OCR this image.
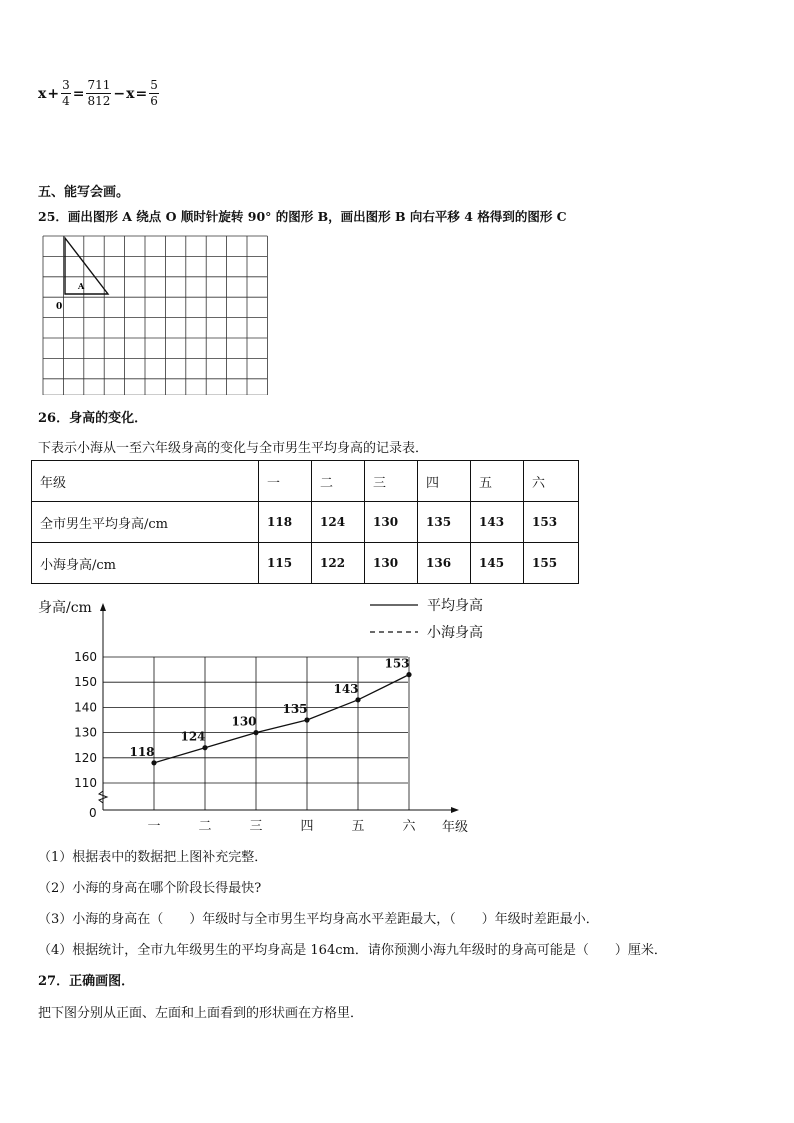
$x + \frac{3}{4} = \frac{711}{812} - x = \frac{5}{6}$
五、能写会画。
25．画出图形 A 绕点 O 顺时针旋转 90° 的图形 B，画出图形 B 向右平移 4 格得到的图形 C
A
0
26．身高的变化．
下表示小海从一至六年级身高的变化与全市男生平均身高的记录表．
年级	一	二	三	四	五	六
全市男生平均身高/cm	118	124	130	135	143	153
小海身高/cm	115	122	130	136	145	155
110
120
130
140
150
160
一	二	三	四	五	六
0
身高/cm
年级
平均身高
小海身高
118
124
130
135
143
153
（1）根据表中的数据把上图补充完整．
（2）小海的身高在哪个阶段长得最快?
（3）小海的身高在（　　）年级时与全市男生平均身高水平差距最大，（　　）年级时差距最小．
（4）根据统计，全市九年级男生的平均身高是 164cm．请你预测小海九年级时的身高可能是（　　）厘米．
27．正确画图．
把下图分别从正面、左面和上面看到的形状画在方格里．
